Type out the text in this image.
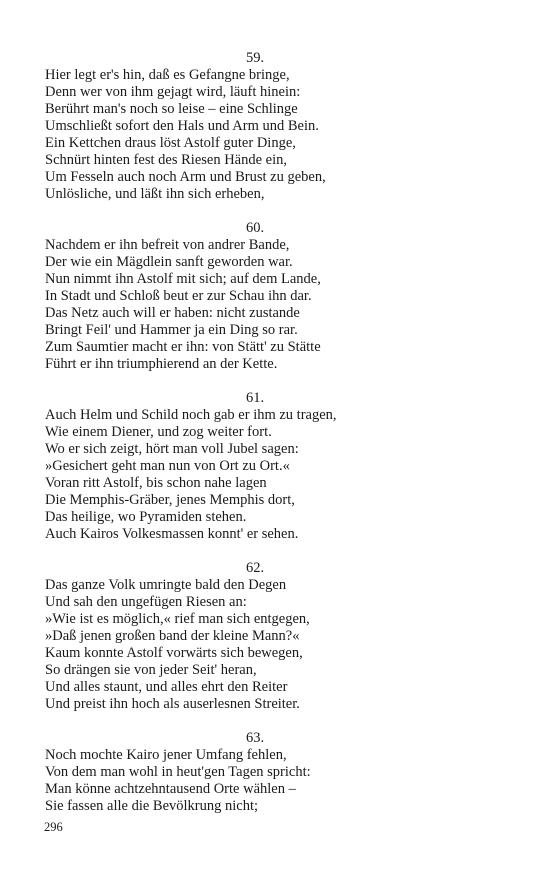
59.
Hier legt er's hin, daß es Gefangne bringe,
Denn wer von ihm gejagt wird, läuft hinein:
Berührt man's noch so leise – eine Schlinge
Umschließt sofort den Hals und Arm und Bein.
Ein Kettchen draus löst Astolf guter Dinge,
Schnürt hinten fest des Riesen Hände ein,
Um Fesseln auch noch Arm und Brust zu geben,
Unlösliche, und läßt ihn sich erheben,
60.
Nachdem er ihn befreit von andrer Bande,
Der wie ein Mägdlein sanft geworden war.
Nun nimmt ihn Astolf mit sich; auf dem Lande,
In Stadt und Schloß beut er zur Schau ihn dar.
Das Netz auch will er haben: nicht zustande
Bringt Feil' und Hammer ja ein Ding so rar.
Zum Saumtier macht er ihn: von Stätt' zu Stätte
Führt er ihn triumphierend an der Kette.
61.
Auch Helm und Schild noch gab er ihm zu tragen,
Wie einem Diener, und zog weiter fort.
Wo er sich zeigt, hört man voll Jubel sagen:
»Gesichert geht man nun von Ort zu Ort.«
Voran ritt Astolf, bis schon nahe lagen
Die Memphis-Gräber, jenes Memphis dort,
Das heilige, wo Pyramiden stehen.
Auch Kairos Volkesmassen konnt' er sehen.
62.
Das ganze Volk umringte bald den Degen
Und sah den ungefügen Riesen an:
»Wie ist es möglich,« rief man sich entgegen,
»Daß jenen großen band der kleine Mann?«
Kaum konnte Astolf vorwärts sich bewegen,
So drängen sie von jeder Seit' heran,
Und alles staunt, und alles ehrt den Reiter
Und preist ihn hoch als auserlesnen Streiter.
63.
Noch mochte Kairo jener Umfang fehlen,
Von dem man wohl in heut'gen Tagen spricht:
Man könne achtzehntausend Orte wählen –
Sie fassen alle die Bevölkrung nicht;
296
